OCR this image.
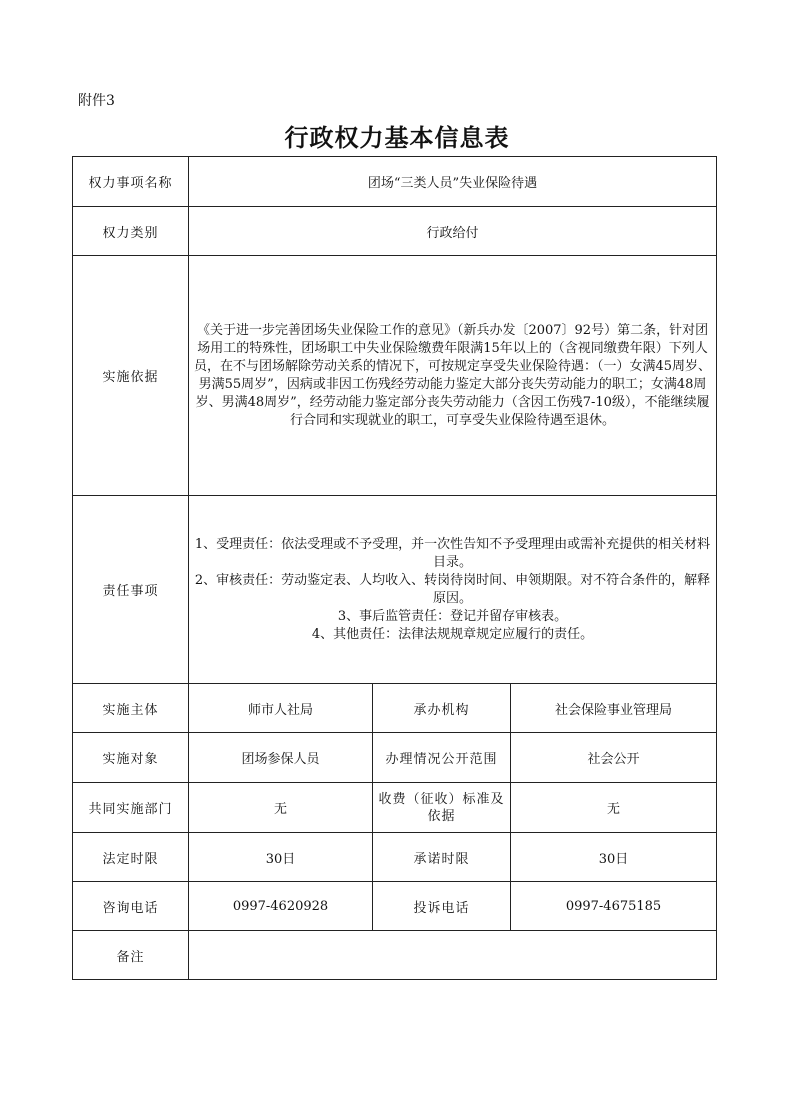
附件3
行政权力基本信息表
权力事项名称	团场“三类人员”失业保险待遇		
权力类别	行政给付		
实施依据	《关于进一步完善团场失业保险工作的意见》（新兵办发〔2007〕92号）第二条，针对团场用工的特殊性，团场职工中失业保险缴费年限满15年以上的（含视同缴费年限）下列人员，在不与团场解除劳动关系的情况下，可按规定享受失业保险待遇：（一）女满45周岁、男满55周岁”，因病或非因工伤残经劳动能力鉴定大部分丧失劳动能力的职工；女满48周岁、男满48周岁”，经劳动能力鉴定部分丧失劳动能力（含因工伤残7-10级），不能继续履行合同和实现就业的职工，可享受失业保险待遇至退休。		
责任事项	1、受理责任：依法受理或不予受理，并一次性告知不予受理理由或需补充提供的相关材料目录。
2、审核责任：劳动鉴定表、人均收入、转岗待岗时间、申领期限。对不符合条件的，解释原因。
3、事后监管责任：登记并留存审核表。
4、其他责任：法律法规规章规定应履行的责任。		

实施主体	师市人社局	承办机构	社会保险事业管理局
实施对象	团场参保人员	办理情况公开范围	社会公开
共同实施部门	无	收费（征收）标准及依据	无
法定时限	30日	承诺时限	30日
咨询电话	0997-4620928	投诉电话	0997-4675185
备注			
